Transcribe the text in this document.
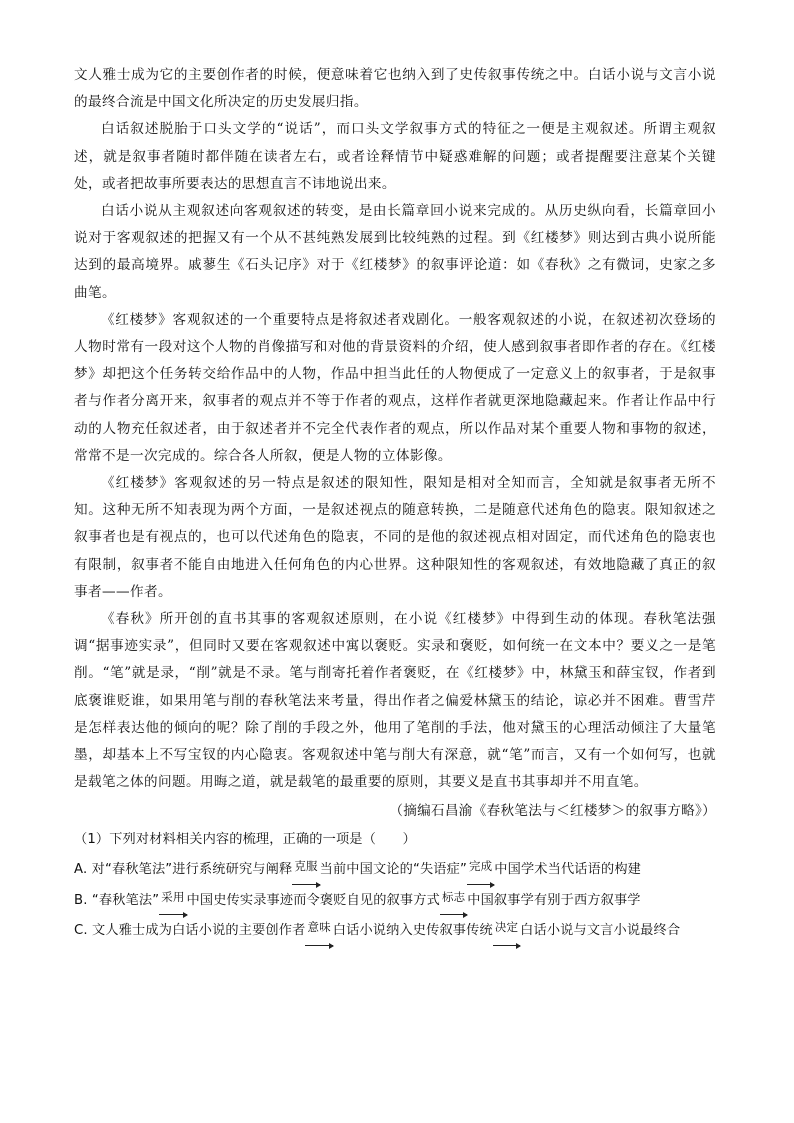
文人雅士成为它的主要创作者的时候，便意味着它也纳入到了史传叙事传统之中。白话小说与文言小说的最终合流是中国文化所决定的历史发展归指。

白话叙述脱胎于口头文学的“说话”，而口头文学叙事方式的特征之一便是主观叙述。所谓主观叙述，就是叙事者随时都伴随在读者左右，或者诠释情节中疑惑难解的问题；或者提醒要注意某个关键处，或者把故事所要表达的思想直言不讳地说出来。

白话小说从主观叙述向客观叙述的转变，是由长篇章回小说来完成的。从历史纵向看，长篇章回小说对于客观叙述的把握又有一个从不甚纯熟发展到比较纯熟的过程。到《红楼梦》则达到古典小说所能达到的最高境界。戚蓼生《石头记序》对于《红楼梦》的叙事评论道：如《春秋》之有微词，史家之多曲笔。

《红楼梦》客观叙述的一个重要特点是将叙述者戏剧化。一般客观叙述的小说，在叙述初次登场的人物时常有一段对这个人物的肖像描写和对他的背景资料的介绍，使人感到叙事者即作者的存在。《红楼梦》却把这个任务转交给作品中的人物，作品中担当此任的人物便成了一定意义上的叙事者，于是叙事者与作者分离开来，叙事者的观点并不等于作者的观点，这样作者就更深地隐藏起来。作者让作品中行动的人物充任叙述者，由于叙述者并不完全代表作者的观点，所以作品对某个重要人物和事物的叙述，常常不是一次完成的。综合各人所叙，便是人物的立体影像。

《红楼梦》客观叙述的另一特点是叙述的限知性，限知是相对全知而言，全知就是叙事者无所不知。这种无所不知表现为两个方面，一是叙述视点的随意转换，二是随意代述角色的隐衷。限知叙述之叙事者也是有视点的，也可以代述角色的隐衷，不同的是他的叙述视点相对固定，而代述角色的隐衷也有限制，叙事者不能自由地进入任何角色的内心世界。这种限知性的客观叙述，有效地隐藏了真正的叙事者——作者。

《春秋》所开创的直书其事的客观叙述原则，在小说《红楼梦》中得到生动的体现。春秋笔法强调“据事迹实录”，但同时又要在客观叙述中寓以褒贬。实录和褒贬，如何统一在文本中？要义之一是笔削。“笔”就是录，“削”就是不录。笔与削寄托着作者褒贬，在《红楼梦》中，林黛玉和薛宝钗，作者到底褒谁贬谁，如果用笔与削的春秋笔法来考量，得出作者之偏爱林黛玉的结论，谅必并不困难。曹雪芹是怎样表达他的倾向的呢？除了削的手段之外，他用了笔削的手法，他对黛玉的心理活动倾注了大量笔墨，却基本上不写宝钗的内心隐衷。客观叙述中笔与削大有深意，就“笔”而言，又有一个如何写，也就是载笔之体的问题。用晦之道，就是载笔的最重要的原则，其要义是直书其事却并不用直笔。

（摘编石昌渝《春秋笔法与＜红楼梦＞的叙事方略》）

（1）下列对材料相关内容的梳理，正确的一项是（　　）

A. 对“春秋笔法”进行系统研究与阐释 克服 当前中国文论的“失语症” 完成 中国学术当代话语的构建

B. “春秋笔法” 采用 中国史传实录事迹而令褒贬自见的叙事方式 标志 中国叙事学有别于西方叙事学

C. 文人雅士成为白话小说的主要创作者 意味 白话小说纳入史传叙事传统 决定 白话小说与文言小说最终合
